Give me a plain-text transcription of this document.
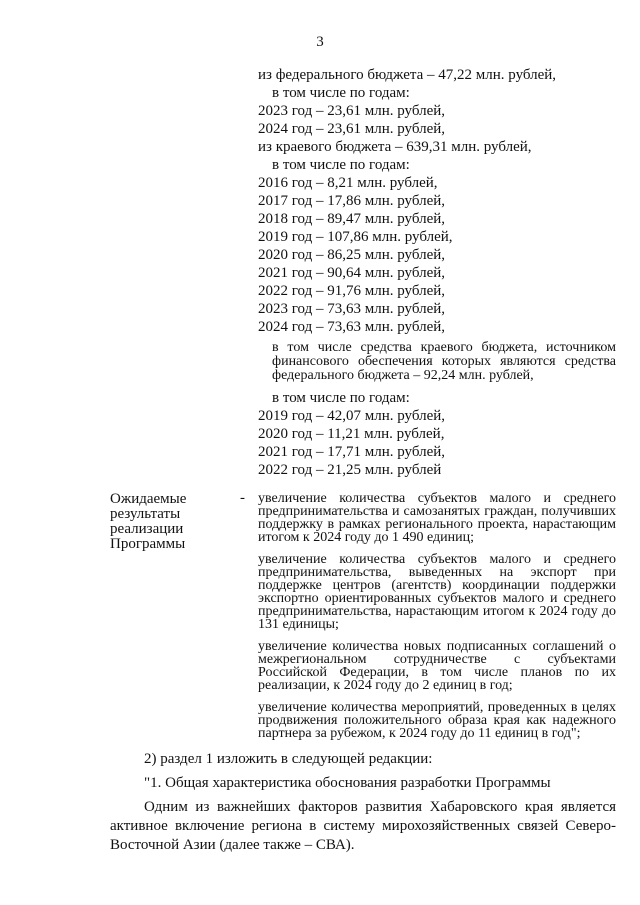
3
из федерального бюджета – 47,22 млн. рублей,
в том числе по годам:
2023 год – 23,61 млн. рублей,
2024 год – 23,61 млн. рублей,
из краевого бюджета – 639,31 млн. рублей,
в том числе по годам:
2016 год – 8,21 млн. рублей,
2017 год – 17,86 млн. рублей,
2018 год – 89,47 млн. рублей,
2019 год – 107,86 млн. рублей,
2020 год – 86,25 млн. рублей,
2021 год – 90,64 млн. рублей,
2022 год – 91,76 млн. рублей,
2023 год – 73,63 млн. рублей,
2024 год – 73,63 млн. рублей,
в том числе средства краевого бюджета, источником финансового обеспечения которых являются средства федерального бюджета – 92,24 млн. рублей,
в том числе по годам:
2019 год – 42,07 млн. рублей,
2020 год – 11,21 млн. рублей,
2021 год – 17,71 млн. рублей,
2022 год – 21,25 млн. рублей
Ожидаемые результаты реализации Программы
- увеличение количества субъектов малого и среднего предпринимательства и самозанятых граждан, получивших поддержку в рамках регионального проекта, нарастающим итогом к 2024 году до 1 490 единиц;
увеличение количества субъектов малого и среднего предпринимательства, выведенных на экспорт при поддержке центров (агентств) координации поддержки экспортно ориентированных субъектов малого и среднего предпринимательства, нарастающим итогом к 2024 году до 131 единицы;
увеличение количества новых подписанных соглашений о межрегиональном сотрудничестве с субъектами Российской Федерации, в том числе планов по их реализации, к 2024 году до 2 единиц в год;
увеличение количества мероприятий, проведенных в целях продвижения положительного образа края как надежного партнера за рубежом, к 2024 году до 11 единиц в год";
2) раздел 1 изложить в следующей редакции:
"1. Общая характеристика обоснования разработки Программы
Одним из важнейших факторов развития Хабаровского края является активное включение региона в систему мирохозяйственных связей Северо-Восточной Азии (далее также – СВА).
